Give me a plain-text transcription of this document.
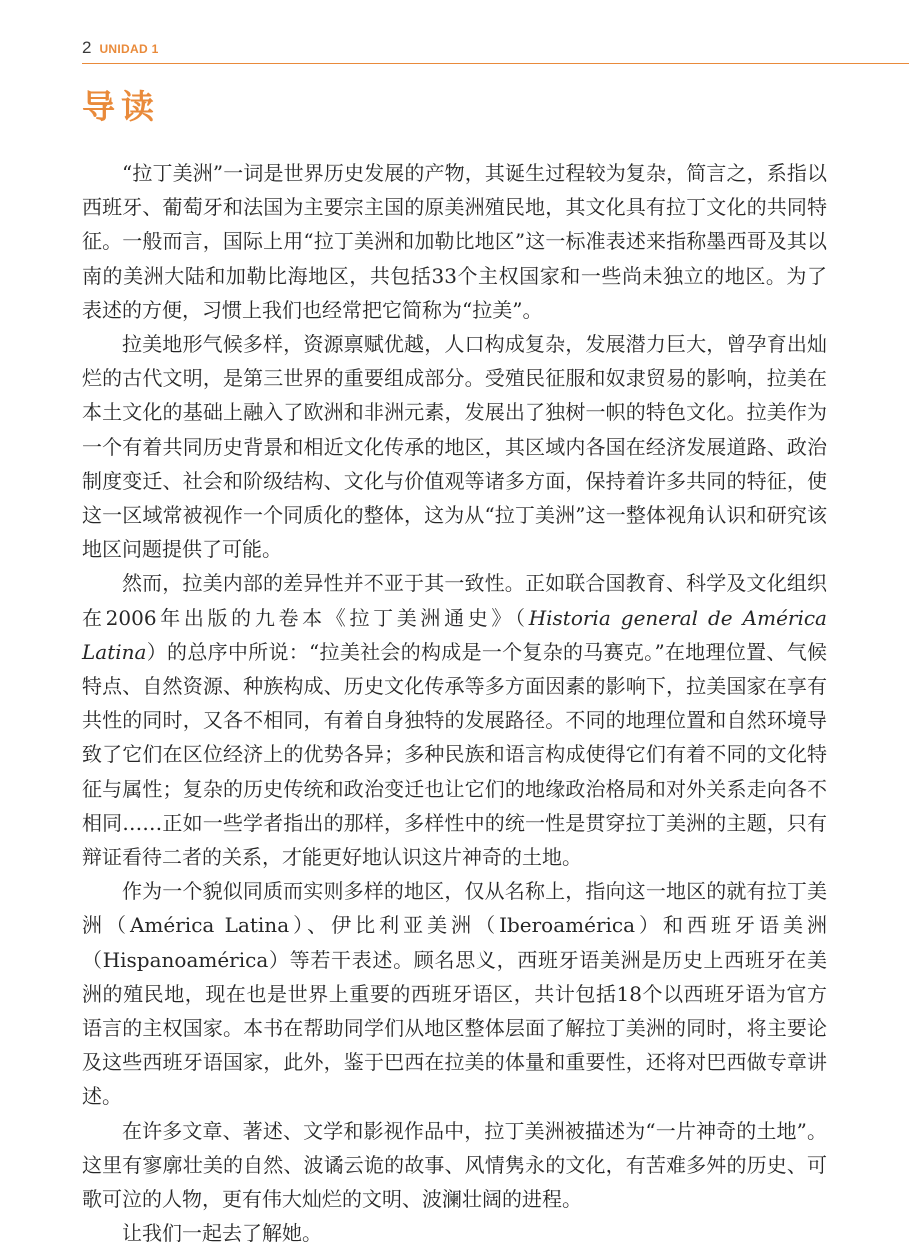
2 UNIDAD 1
导读

“拉丁美洲”一词是世界历史发展的产物，其诞生过程较为复杂，简言之，系指以西班牙、葡萄牙和法国为主要宗主国的原美洲殖民地，其文化具有拉丁文化的共同特征。一般而言，国际上用“拉丁美洲和加勒比地区”这一标准表述来指称墨西哥及其以南的美洲大陆和加勒比海地区，共包括33个主权国家和一些尚未独立的地区。为了表述的方便，习惯上我们也经常把它简称为“拉美”。

拉美地形气候多样，资源禀赋优越，人口构成复杂，发展潜力巨大，曾孕育出灿烂的古代文明，是第三世界的重要组成部分。受殖民征服和奴隶贸易的影响，拉美在本土文化的基础上融入了欧洲和非洲元素，发展出了独树一帜的特色文化。拉美作为一个有着共同历史背景和相近文化传承的地区，其区域内各国在经济发展道路、政治制度变迁、社会和阶级结构、文化与价值观等诸多方面，保持着许多共同的特征，使这一区域常被视作一个同质化的整体，这为从“拉丁美洲”这一整体视角认识和研究该地区问题提供了可能。

然而，拉美内部的差异性并不亚于其一致性。正如联合国教育、科学及文化组织在2006年出版的九卷本《拉丁美洲通史》（Historia general de América Latina）的总序中所说：“拉美社会的构成是一个复杂的马赛克。”在地理位置、气候特点、自然资源、种族构成、历史文化传承等多方面因素的影响下，拉美国家在享有共性的同时，又各不相同，有着自身独特的发展路径。不同的地理位置和自然环境导致了它们在区位经济上的优势各异；多种民族和语言构成使得它们有着不同的文化特征与属性；复杂的历史传统和政治变迁也让它们的地缘政治格局和对外关系走向各不相同……正如一些学者指出的那样，多样性中的统一性是贯穿拉丁美洲的主题，只有辩证看待二者的关系，才能更好地认识这片神奇的土地。

作为一个貌似同质而实则多样的地区，仅从名称上，指向这一地区的就有拉丁美洲（América Latina）、伊比利亚美洲（Iberoamérica）和西班牙语美洲（Hispanoamérica）等若干表述。顾名思义，西班牙语美洲是历史上西班牙在美洲的殖民地，现在也是世界上重要的西班牙语区，共计包括18个以西班牙语为官方语言的主权国家。本书在帮助同学们从地区整体层面了解拉丁美洲的同时，将主要论及这些西班牙语国家，此外，鉴于巴西在拉美的体量和重要性，还将对巴西做专章讲述。

在许多文章、著述、文学和影视作品中，拉丁美洲被描述为“一片神奇的土地”。这里有寥廓壮美的自然、波谲云诡的故事、风情隽永的文化，有苦难多舛的历史、可歌可泣的人物，更有伟大灿烂的文明、波澜壮阔的进程。

让我们一起去了解她。
